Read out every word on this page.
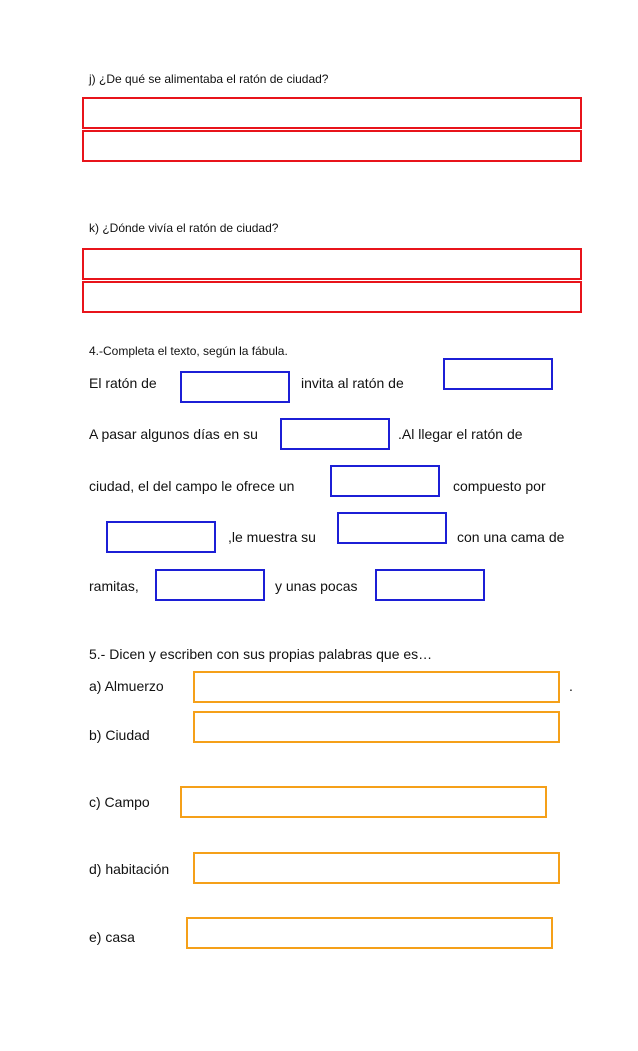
j) ¿De qué se alimentaba el ratón de ciudad?
k) ¿Dónde vivía el ratón de ciudad?
4.-Completa el texto, según la fábula.
El ratón de	invita al ratón de
A pasar algunos días en su	.Al llegar el ratón de
ciudad, el del campo le ofrece un	compuesto por
,le muestra su	con una cama de
ramitas,	y unas pocas
5.- Dicen y escriben con sus propias palabras que es…
a) Almuerzo	.
b) Ciudad
c) Campo
d) habitación
e) casa
